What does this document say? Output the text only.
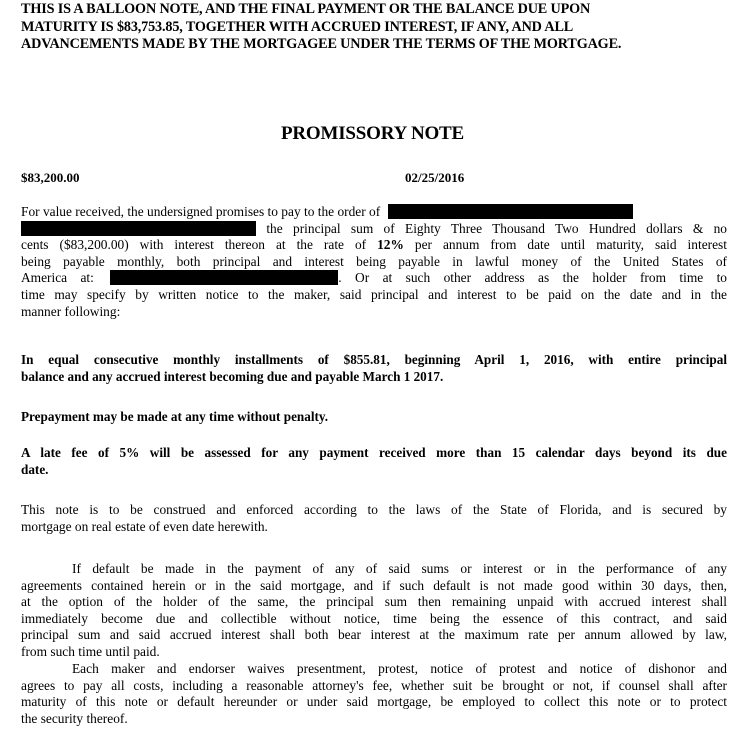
THIS IS A BALLOON NOTE, AND THE FINAL PAYMENT OR THE BALANCE DUE UPON
MATURITY IS $83,753.85, TOGETHER WITH ACCRUED INTEREST, IF ANY, AND ALL
ADVANCEMENTS MADE BY THE MORTGAGEE UNDER THE TERMS OF THE MORTGAGE.
PROMISSORY NOTE
$83,200.00	02/25/2016
For value received, the undersigned promises to pay to the order of
the principal sum of Eighty Three Thousand Two Hundred dollars & no
cents ($83,200.00) with interest thereon at the rate of 12% per annum from date until maturity, said interest
being payable monthly, both principal and interest being payable in lawful money of the United States of
America at:	. Or at such other address as the holder from time to
time may specify by written notice to the maker, said principal and interest to be paid on the date and in the
manner following:
In equal consecutive monthly installments of $855.81, beginning April 1, 2016, with entire principal
balance and any accrued interest becoming due and payable March 1 2017.
Prepayment may be made at any time without penalty.
A late fee of 5% will be assessed for any payment received more than 15 calendar days beyond its due
date.
This note is to be construed and enforced according to the laws of the State of Florida, and is secured by
mortgage on real estate of even date herewith.
If default be made in the payment of any of said sums or interest or in the performance of any
agreements contained herein or in the said mortgage, and if such default is not made good within 30 days, then,
at the option of the holder of the same, the principal sum then remaining unpaid with accrued interest shall
immediately become due and collectible without notice, time being the essence of this contract, and said
principal sum and said accrued interest shall both bear interest at the maximum rate per annum allowed by law,
from such time until paid.
Each maker and endorser waives presentment, protest, notice of protest and notice of dishonor and
agrees to pay all costs, including a reasonable attorney's fee, whether suit be brought or not, if counsel shall after
maturity of this note or default hereunder or under said mortgage, be employed to collect this note or to protect
the security thereof.
